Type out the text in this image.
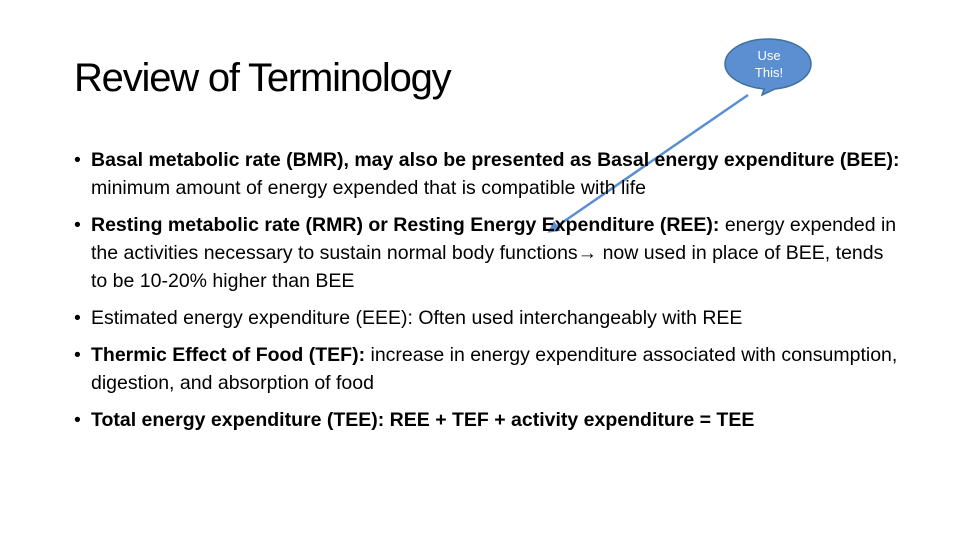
Review of Terminology
Use
This!
• Basal metabolic rate (BMR), may also be presented as Basal energy expenditure (BEE): minimum amount of energy expended that is compatible with life
• Resting metabolic rate (RMR) or Resting Energy Expenditure (REE): energy expended in the activities necessary to sustain normal body functions→ now used in place of BEE, tends to be 10-20% higher than BEE
• Estimated energy expenditure (EEE): Often used interchangeably with REE
• Thermic Effect of Food (TEF): increase in energy expenditure associated with consumption, digestion, and absorption of food
• Total energy expenditure (TEE): REE + TEF + activity expenditure = TEE
